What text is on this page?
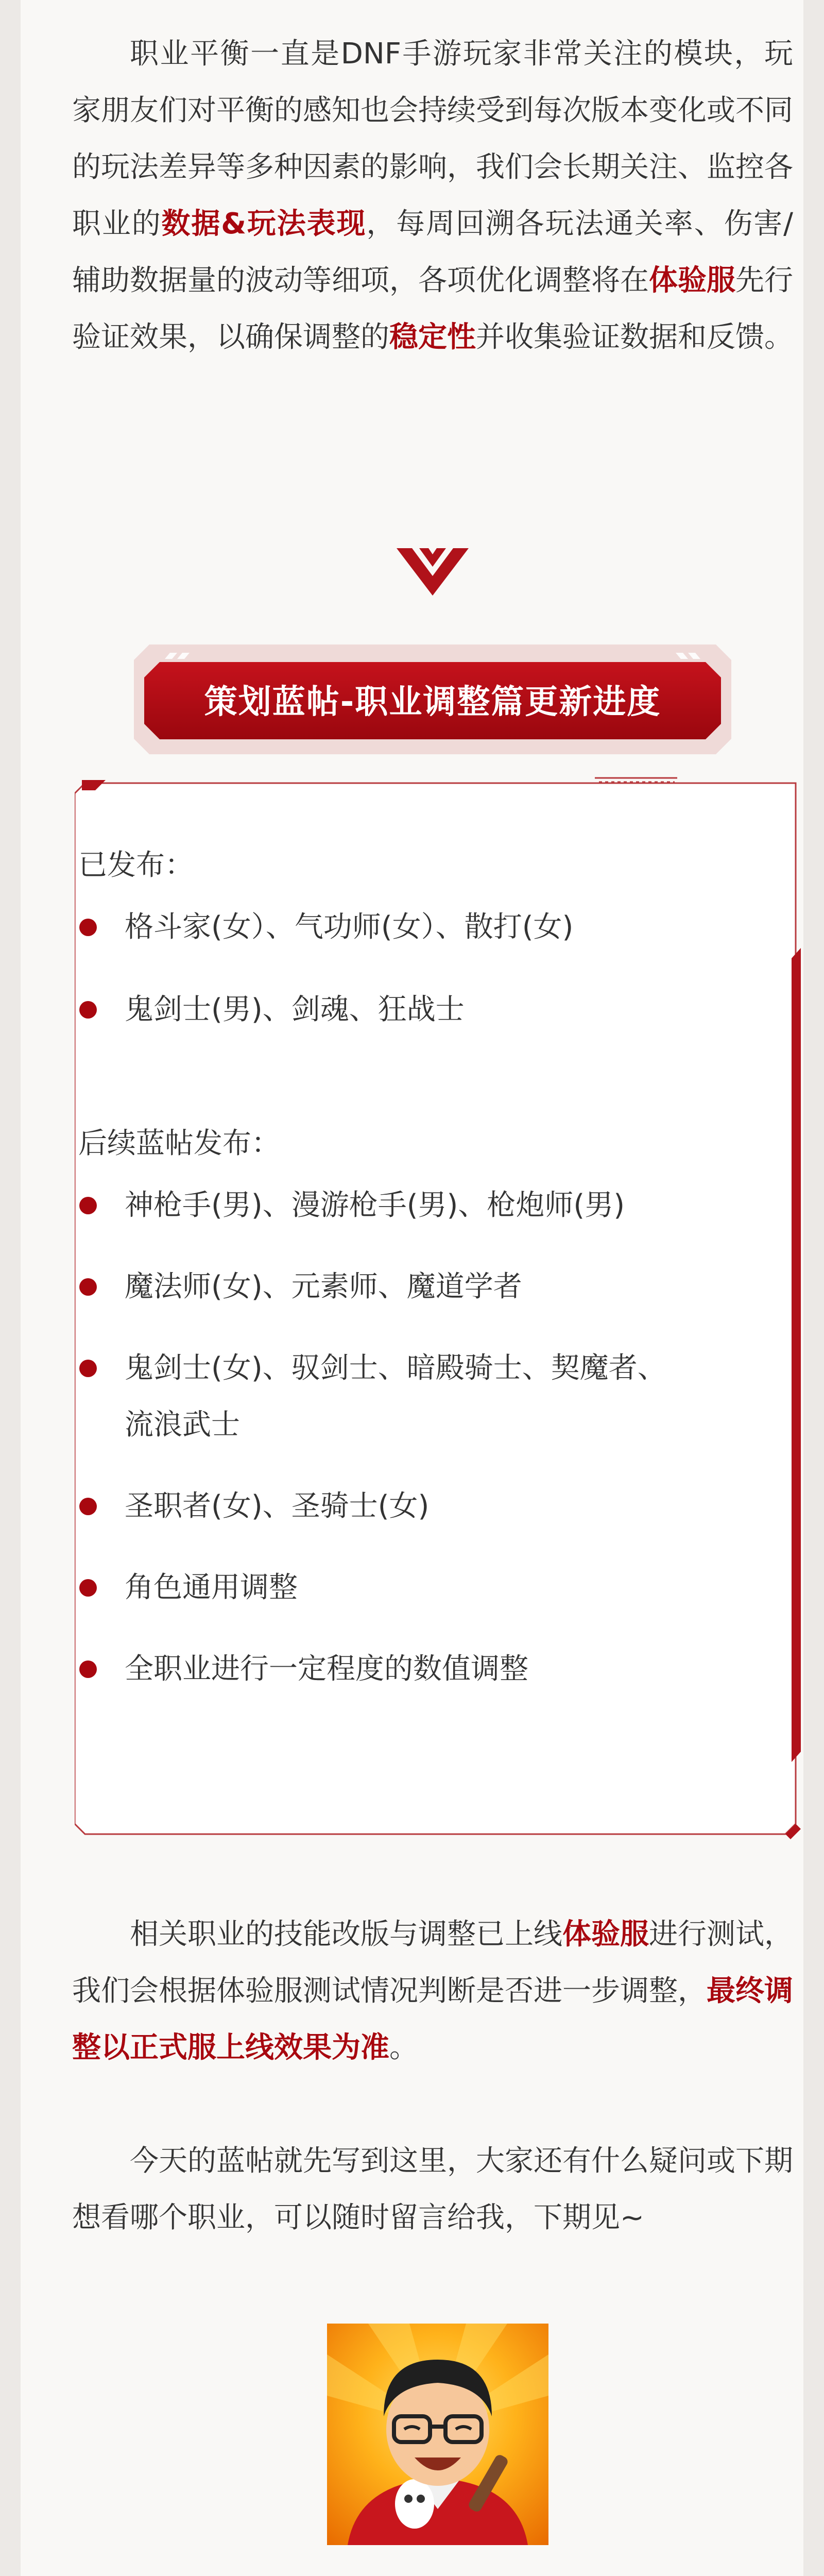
职业平衡一直是DNF手游玩家非常关注的模块，玩家朋友们对平衡的感知也会持续受到每次版本变化或不同的玩法差异等多种因素的影响，我们会长期关注、监控各职业的数据&玩法表现，每周回溯各玩法通关率、伤害/辅助数据量的波动等细项，各项优化调整将在体验服先行验证效果，以确保调整的稳定性并收集验证数据和反馈。
策划蓝帖-职业调整篇更新进度
已发布：
格斗家(女）、气功师(女）、散打(女)
鬼剑士(男)、剑魂、狂战士
后续蓝帖发布：
神枪手(男)、漫游枪手(男)、枪炮师(男)
魔法师(女)、元素师、魔道学者
鬼剑士(女)、驭剑士、暗殿骑士、契魔者、流浪武士
圣职者(女)、圣骑士(女)
角色通用调整
全职业进行一定程度的数值调整
相关职业的技能改版与调整已上线体验服进行测试，我们会根据体验服测试情况判断是否进一步调整，最终调整以正式服上线效果为准。
今天的蓝帖就先写到这里，大家还有什么疑问或下期想看哪个职业，可以随时留言给我，下期见~
